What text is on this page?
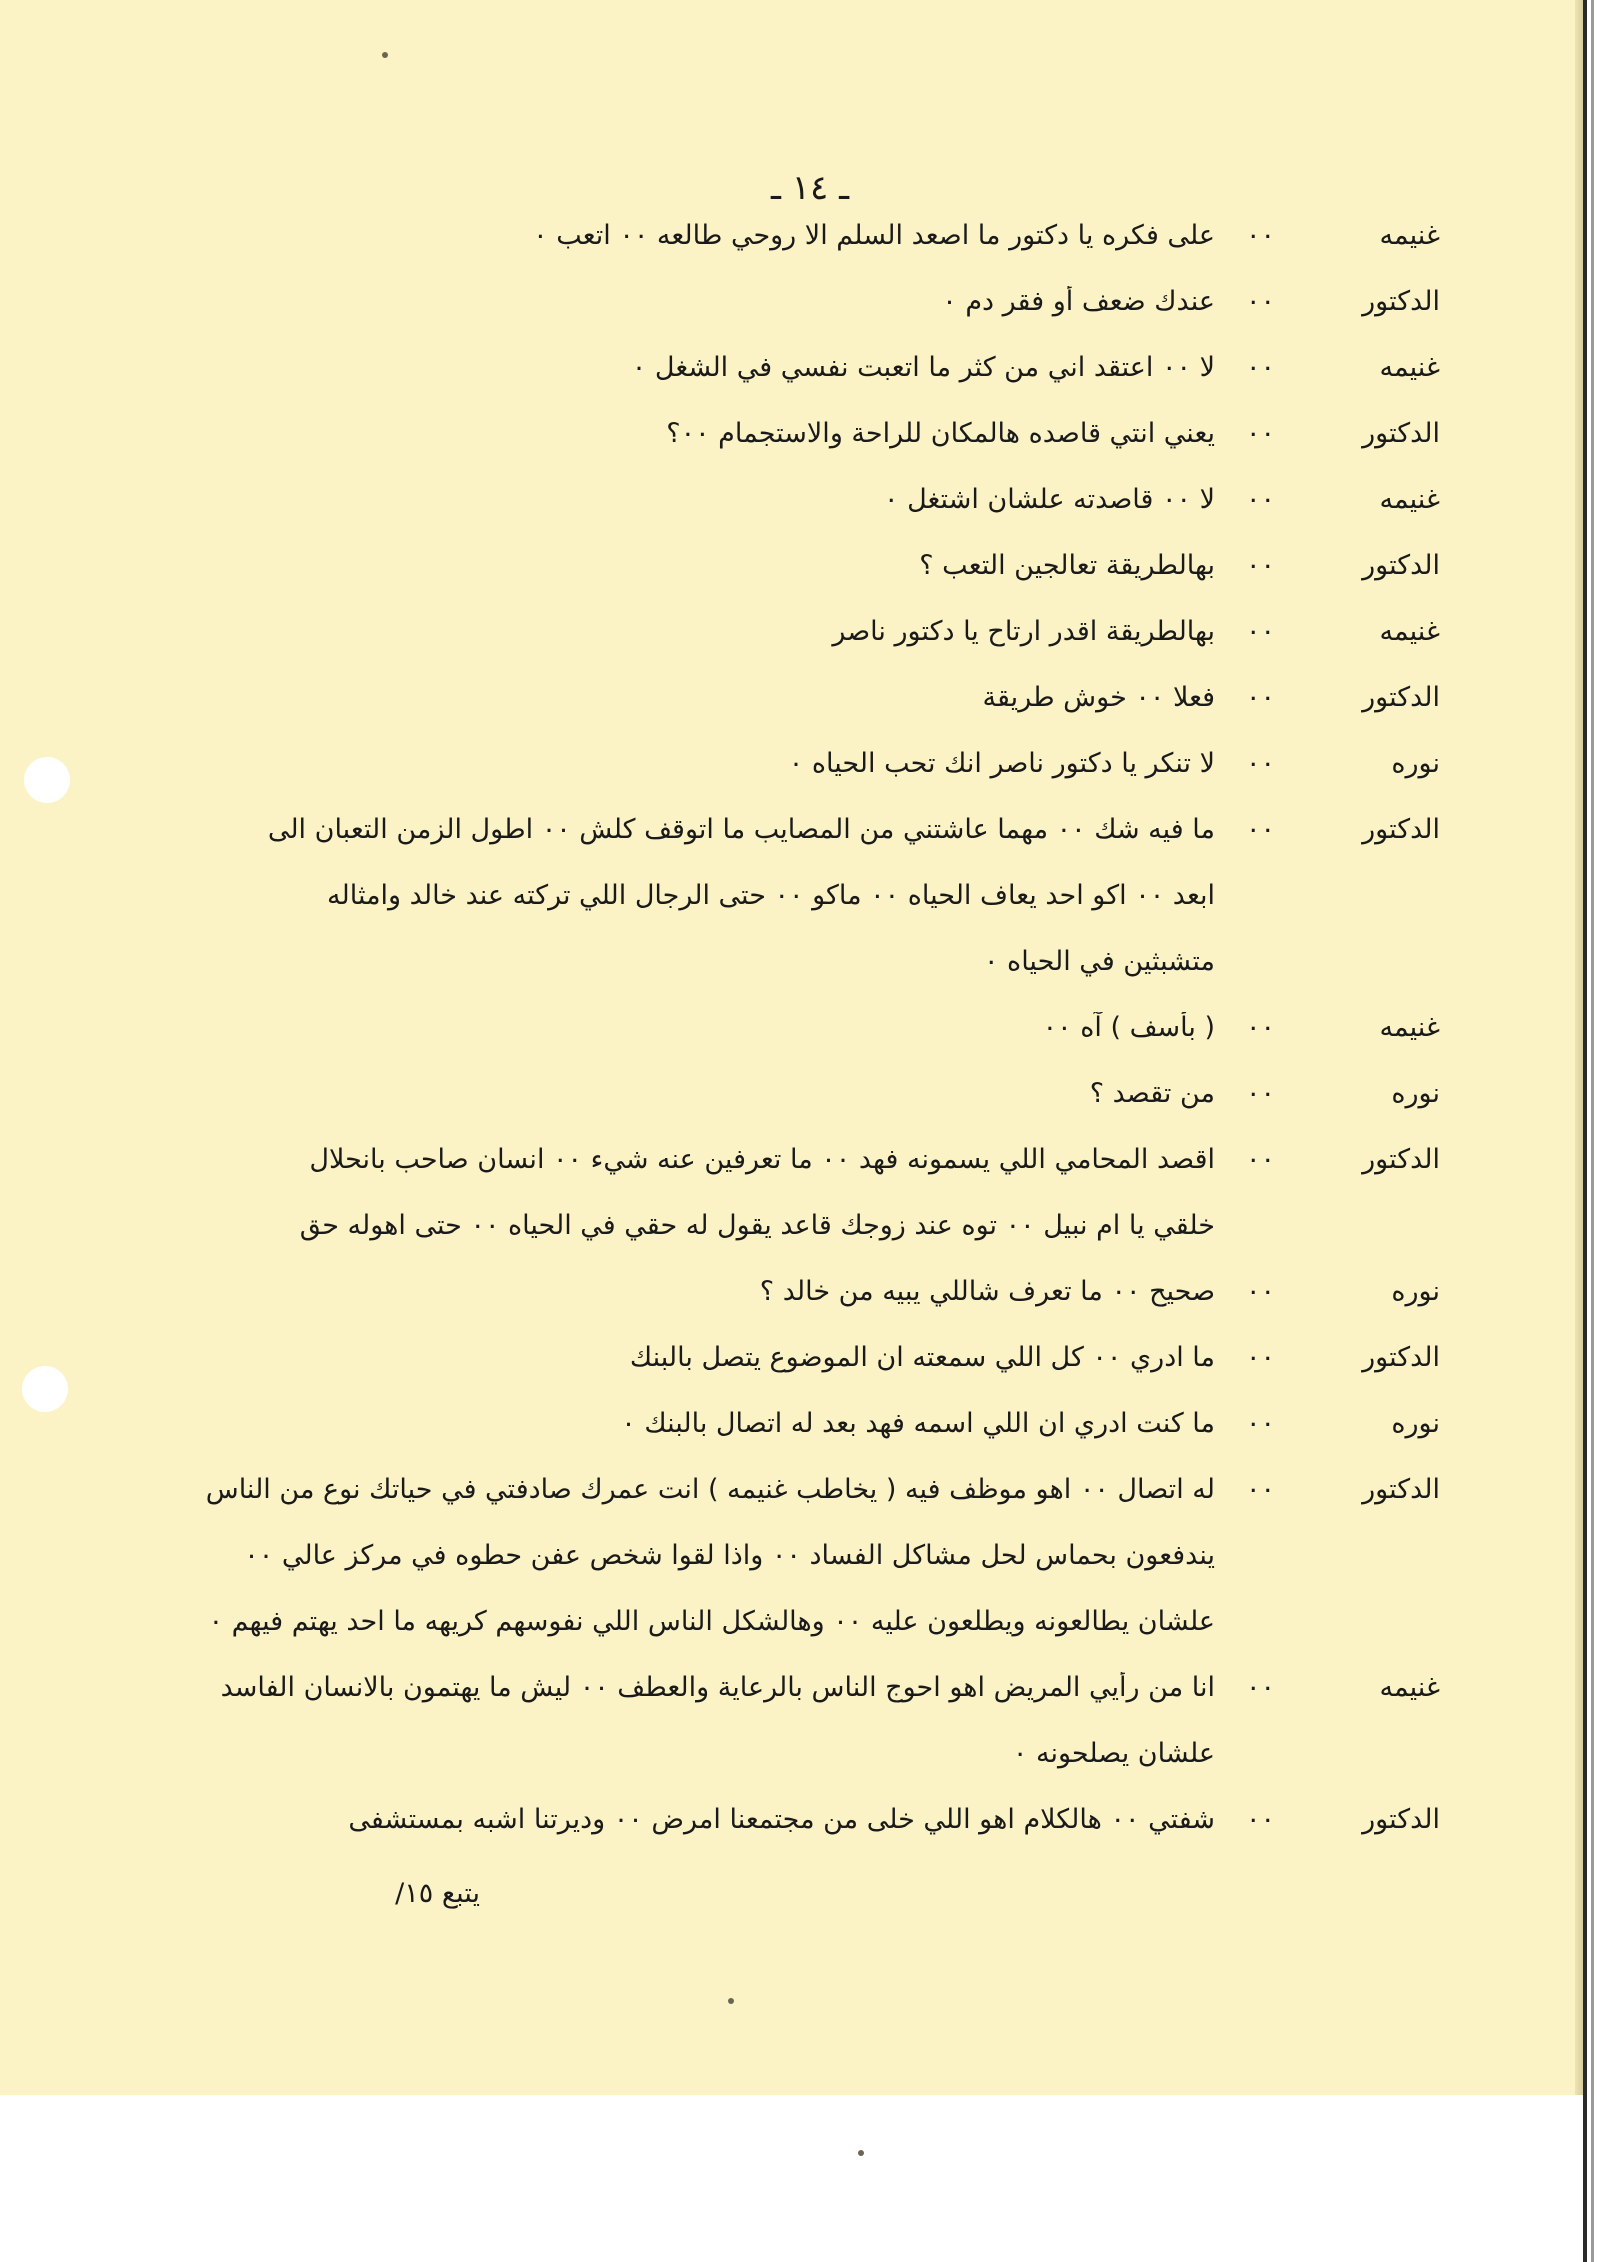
ـ ١٤ ـ
غنيمه
٠٠
على فكره يا دكتور ما اصعد السلم الا روحي طالعه ٠٠ اتعب ٠
الدكتور
٠٠
عندك ضعف أو فقر دم ٠
غنيمه
٠٠
لا ٠٠ اعتقد اني من كثر ما اتعبت نفسي في الشغل ٠
الدكتور
٠٠
يعني انتي قاصده هالمكان للراحة والاستجمام ٠٠؟
غنيمه
٠٠
لا ٠٠ قاصدته علشان اشتغل ٠
الدكتور
٠٠
بهالطريقة تعالجين التعب ؟
غنيمه
٠٠
بهالطريقة اقدر ارتاح يا دكتور ناصر
الدكتور
٠٠
فعلا ٠٠ خوش طريقة
نوره
٠٠
لا تنكر يا دكتور ناصر انك تحب الحياه ٠
الدكتور
٠٠
ما فيه شك ٠٠ مهما عاشتني من المصايب ما اتوقف كلش ٠٠ اطول الزمن التعبان الى
ابعد ٠٠ اكو احد يعاف الحياه ٠٠ ماكو ٠٠ حتى الرجال اللي تركته عند خالد وامثاله
متشبثين في الحياه ٠
غنيمه
٠٠
( بأسف ) آه ٠٠
نوره
٠٠
من تقصد ؟
الدكتور
٠٠
اقصد المحامي اللي يسمونه فهد ٠٠ ما تعرفين عنه شيء ٠٠ انسان صاحب بانحلال
خلقي يا ام نبيل ٠٠ توه عند زوجك قاعد يقول له حقي في الحياه ٠٠ حتى اهوله حق
نوره
٠٠
صحيح ٠٠ ما تعرف شاللي يبيه من خالد ؟
الدكتور
٠٠
ما ادري ٠٠ كل اللي سمعته ان الموضوع يتصل بالبنك
نوره
٠٠
ما كنت ادري ان اللي اسمه فهد بعد له اتصال بالبنك ٠
الدكتور
٠٠
له اتصال ٠٠ اهو موظف فيه ( يخاطب غنيمه ) انت عمرك صادفتي في حياتك نوع من الناس
يندفعون بحماس لحل مشاكل الفساد ٠٠ واذا لقوا شخص عفن حطوه في مركز عالي ٠٠
علشان يطالعونه ويطلعون عليه ٠٠ وهالشكل الناس اللي نفوسهم كريهه ما احد يهتم فيهم ٠
غنيمه
٠٠
انا من رأيي المريض اهو احوج الناس بالرعاية والعطف ٠٠ ليش ما يهتمون بالانسان الفاسد
علشان يصلحونه ٠
الدكتور
٠٠
شفتي ٠٠ هالكلام اهو اللي خلى من مجتمعنا امرض ٠٠ وديرتنا اشبه بمستشفى
يتبع ١٥/
